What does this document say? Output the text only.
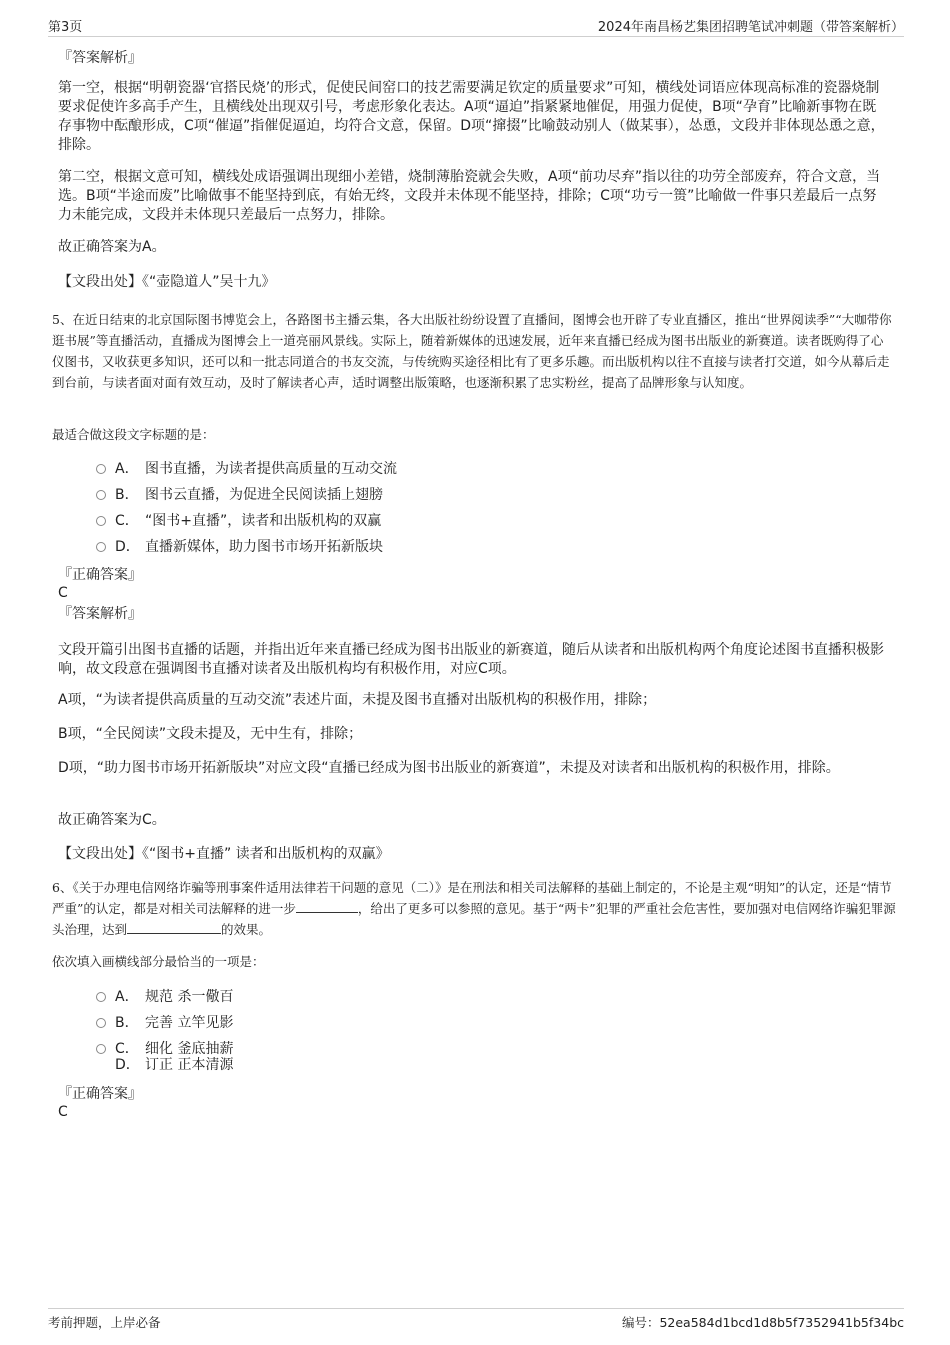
第3页	2024年南昌杨艺集团招聘笔试冲刺题（带答案解析）
『答案解析』

第一空，根据“明朝瓷器‘官搭民烧’的形式，促使民间窑口的技艺需要满足钦定的质量要求”可知，横线处词语应体现高标准的瓷器烧制要求促使许多高手产生，且横线处出现双引号，考虑形象化表达。A项“逼迫”指紧紧地催促，用强力促使，B项“孕育”比喻新事物在既存事物中酝酿形成，C项“催逼”指催促逼迫，均符合文意，保留。D项“撺掇”比喻鼓动别人（做某事），怂恿，文段并非体现怂恿之意，排除。

第二空，根据文意可知，横线处成语强调出现细小差错，烧制薄胎瓷就会失败，A项“前功尽弃”指以往的功劳全部废弃，符合文意，当选。B项“半途而废”比喻做事不能坚持到底，有始无终，文段并未体现不能坚持，排除；C项“功亏一篑”比喻做一件事只差最后一点努力未能完成，文段并未体现只差最后一点努力，排除。

故正确答案为A。

【文段出处】《“壶隐道人”吴十九》

5、在近日结束的北京国际图书博览会上，各路图书主播云集，各大出版社纷纷设置了直播间，图博会也开辟了专业直播区，推出“世界阅读季”“大咖带你逛书展”等直播活动，直播成为图博会上一道亮丽风景线。实际上，随着新媒体的迅速发展，近年来直播已经成为图书出版业的新赛道。读者既购得了心仪图书，又收获更多知识，还可以和一批志同道合的书友交流，与传统购买途径相比有了更多乐趣。而出版机构以往不直接与读者打交道，如今从幕后走到台前，与读者面对面有效互动，及时了解读者心声，适时调整出版策略，也逐渐积累了忠实粉丝，提高了品牌形象与认知度。

最适合做这段文字标题的是：

A． 图书直播，为读者提供高质量的互动交流
B． 图书云直播，为促进全民阅读插上翅膀
C． “图书+直播”，读者和出版机构的双赢
D． 直播新媒体，助力图书市场开拓新版块
『正确答案』
C
『答案解析』

文段开篇引出图书直播的话题，并指出近年来直播已经成为图书出版业的新赛道，随后从读者和出版机构两个角度论述图书直播积极影响，故文段意在强调图书直播对读者及出版机构均有积极作用，对应C项。

A项，“为读者提供高质量的互动交流”表述片面，未提及图书直播对出版机构的积极作用，排除；

B项，“全民阅读”文段未提及，无中生有，排除；

D项，“助力图书市场开拓新版块”对应文段“直播已经成为图书出版业的新赛道”，未提及对读者和出版机构的积极作用，排除。

故正确答案为C。

【文段出处】《“图书+直播” 读者和出版机构的双赢》

6、《关于办理电信网络诈骗等刑事案件适用法律若干问题的意见（二）》是在刑法和相关司法解释的基础上制定的，不论是主观“明知”的认定，还是“情节严重”的认定，都是对相关司法解释的进一步	，给出了更多可以参照的意见。基于“两卡”犯罪的严重社会危害性，要加强对电信网络诈骗犯罪源头治理，达到	的效果。

依次填入画横线部分最恰当的一项是：

A． 规范 杀一儆百
B． 完善 立竿见影
C． 细化 釜底抽薪
D． 订正 正本清源
『正确答案』
C
考前押题，上岸必备	编号：52ea584d1bcd1d8b5f7352941b5f34bc
